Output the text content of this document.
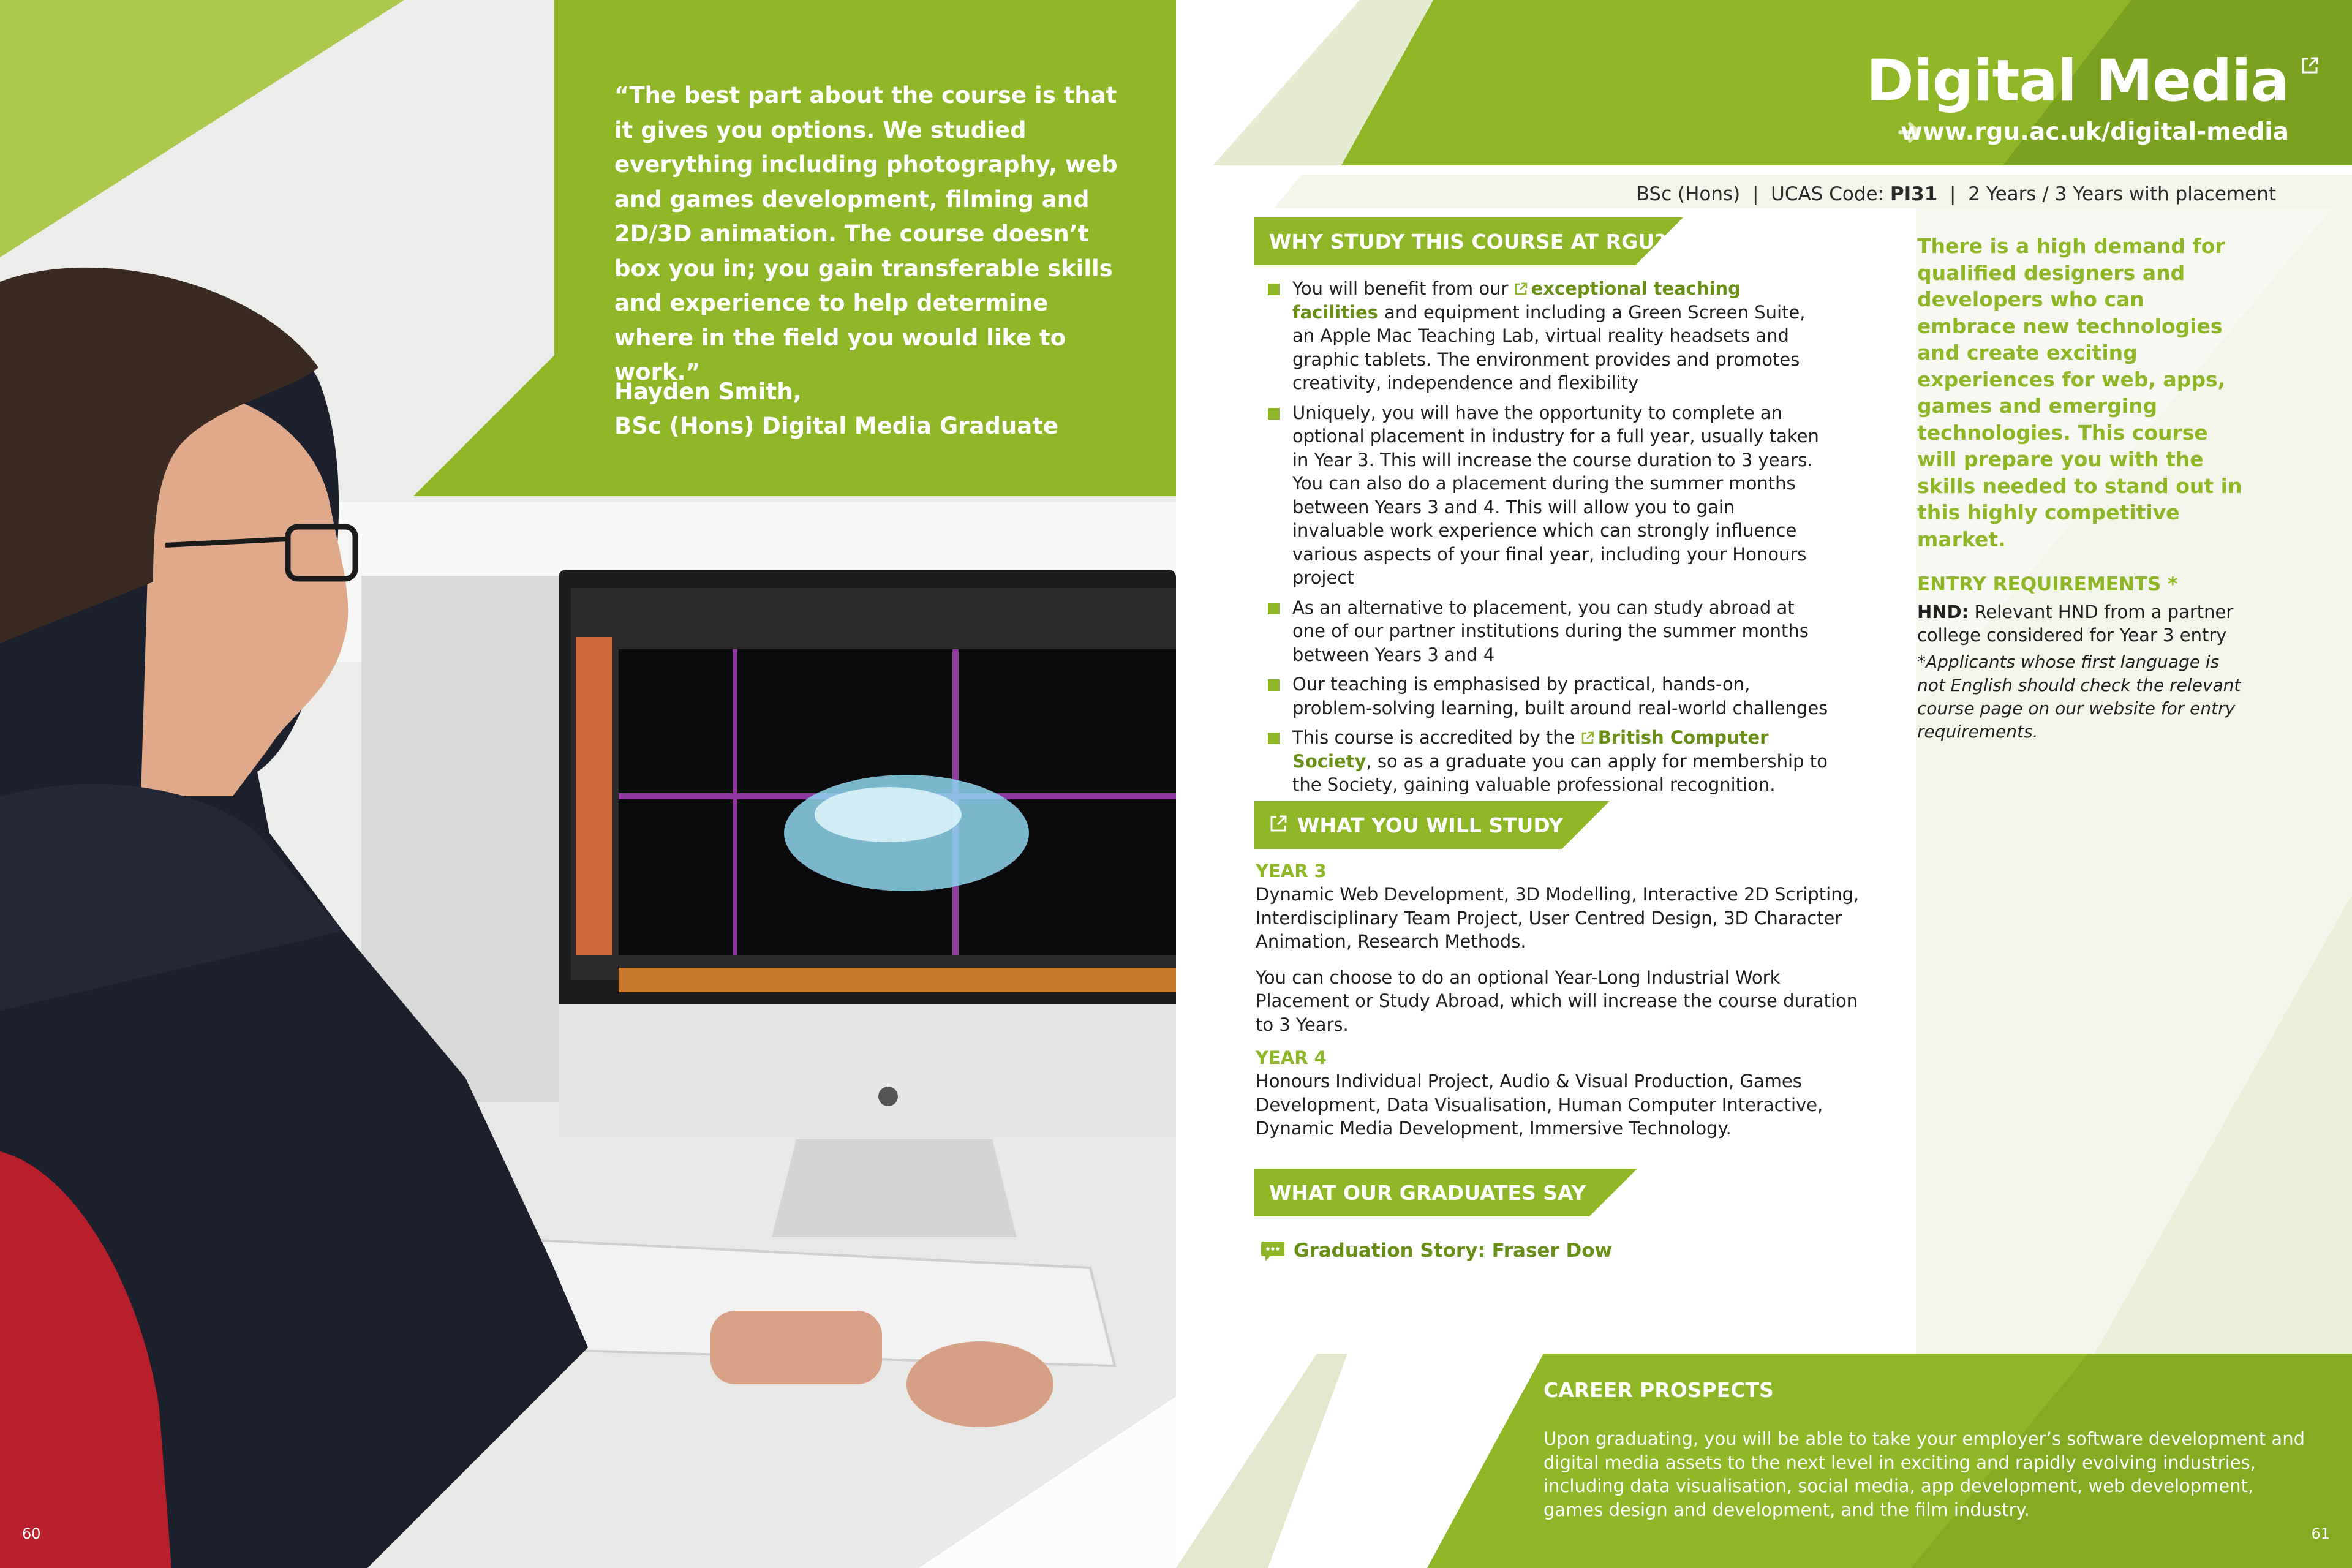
“The best part about the course is that it gives you options. We studied everything including photography, web and games development, filming and 2D/3D animation. The course doesn’t box you in; you gain transferable skills and experience to help determine where in the field you would like to work.”
Hayden Smith,
BSc (Hons) Digital Media Graduate
60
Digital Media
www.rgu.ac.uk/digital-media
BSc (Hons)  |  UCAS Code: PI31  |  2 Years / 3 Years with placement
WHY STUDY THIS COURSE AT RGU?
You will benefit from our exceptional teaching facilities and equipment including a Green Screen Suite, an Apple Mac Teaching Lab, virtual reality headsets and graphic tablets. The environment provides and promotes creativity, independence and flexibility
Uniquely, you will have the opportunity to complete an optional placement in industry for a full year, usually taken in Year 3. This will increase the course duration to 3 years. You can also do a placement during the summer months between Years 3 and 4. This will allow you to gain invaluable work experience which can strongly influence various aspects of your final year, including your Honours project
As an alternative to placement, you can study abroad at one of our partner institutions during the summer months between Years 3 and 4
Our teaching is emphasised by practical, hands-on, problem-solving learning, built around real-world challenges
This course is accredited by the British Computer Society, so as a graduate you can apply for membership to the Society, gaining valuable professional recognition.
WHAT YOU WILL STUDY
YEAR 3
Dynamic Web Development, 3D Modelling, Interactive 2D Scripting, Interdisciplinary Team Project, User Centred Design, 3D Character Animation, Research Methods.
You can choose to do an optional Year-Long Industrial Work Placement or Study Abroad, which will increase the course duration to 3 Years.
YEAR 4
Honours Individual Project, Audio & Visual Production, Games Development, Data Visualisation, Human Computer Interactive, Dynamic Media Development, Immersive Technology.
WHAT OUR GRADUATES SAY
Graduation Story: Fraser Dow
There is a high demand for qualified designers and developers who can embrace new technologies and create exciting experiences for web, apps, games and emerging technologies. This course will prepare you with the skills needed to stand out in this highly competitive market.
ENTRY REQUIREMENTS *
HND: Relevant HND from a partner college considered for Year 3 entry
*Applicants whose first language is not English should check the relevant course page on our website for entry requirements.
CAREER PROSPECTS
Upon graduating, you will be able to take your employer’s software development and digital media assets to the next level in exciting and rapidly evolving industries, including data visualisation, social media, app development, web development, games design and development, and the film industry.
61
